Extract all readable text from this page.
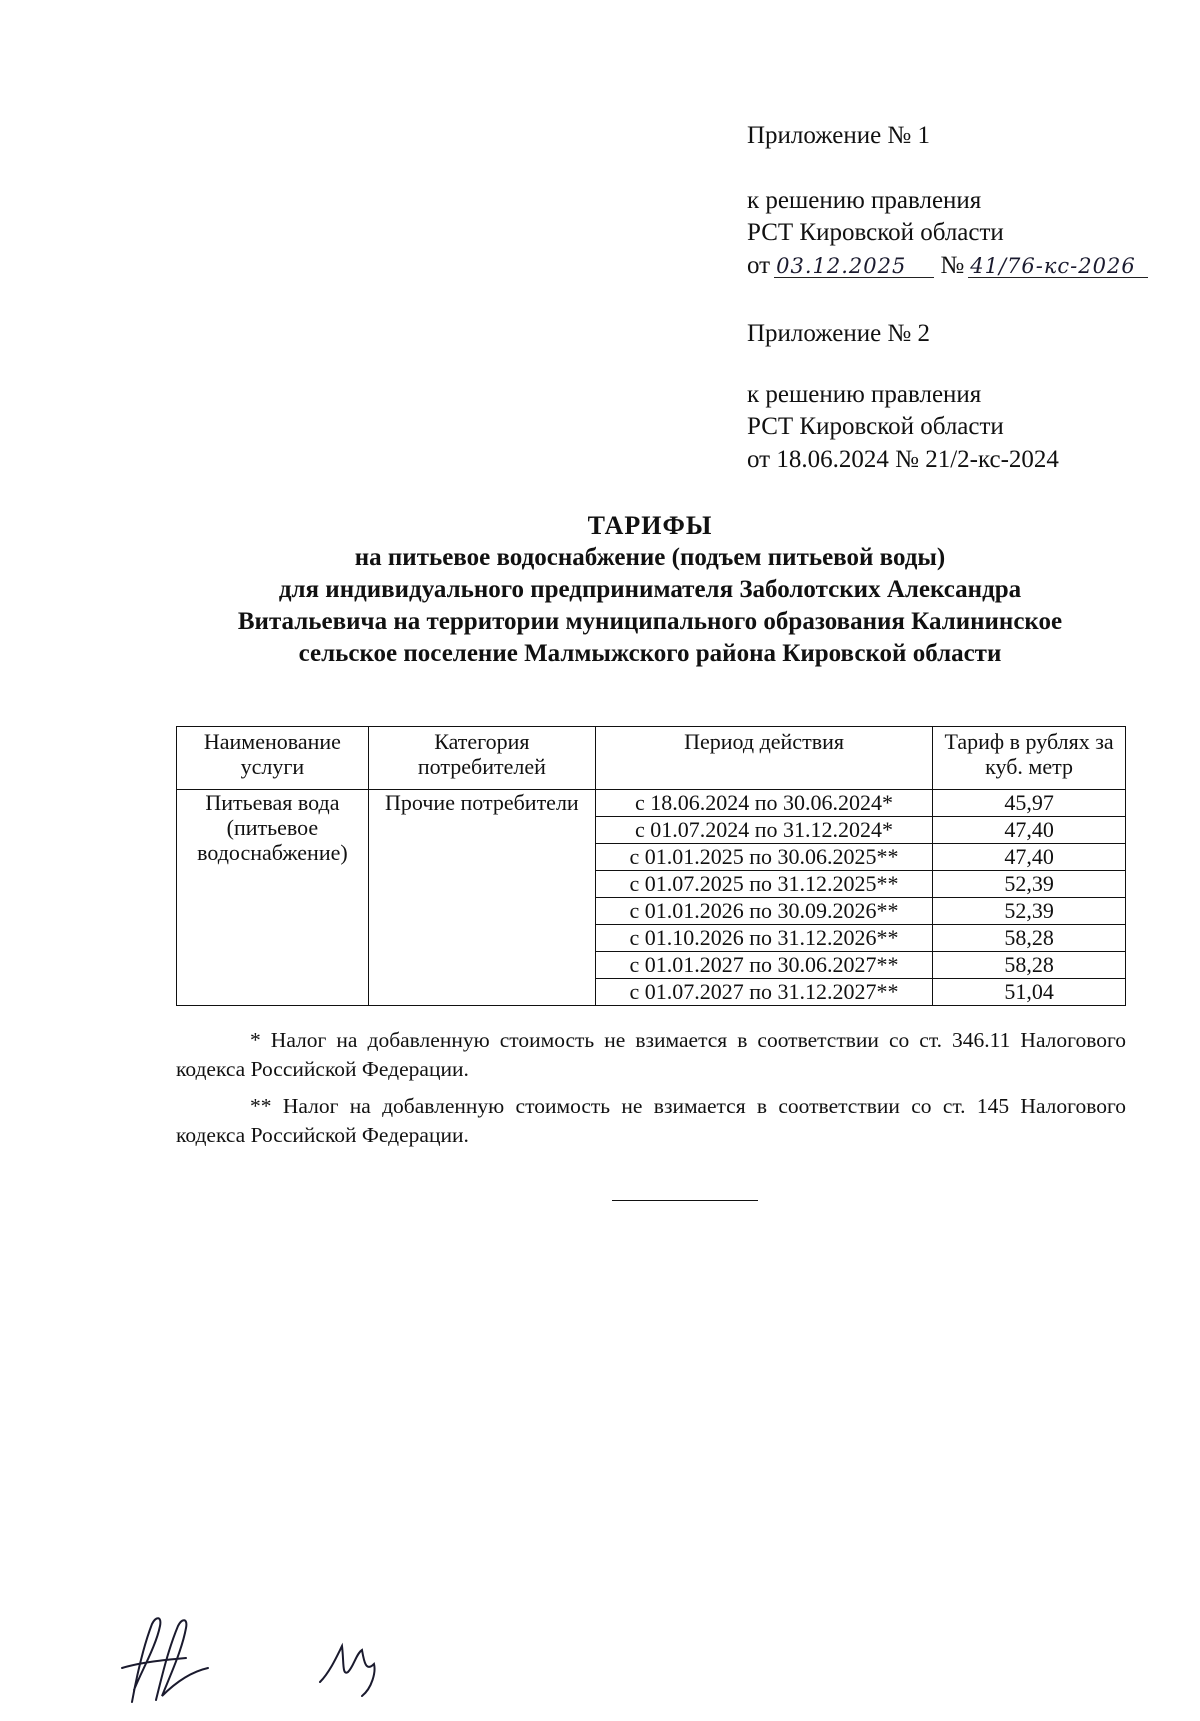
Приложение № 1
к решению правления
РСТ Кировской области
от 03.12.2025 № 41/76-кс-2026
Приложение № 2
к решению правления
РСТ Кировской области
от 18.06.2024 № 21/2-кс-2024
ТАРИФЫ
на питьевое водоснабжение (подъем питьевой воды)
для индивидуального предпринимателя Заболотских Александра
Витальевича на территории муниципального образования Калининское
сельское поселение Малмыжского района Кировской области
Наименование услуги	Категория потребителей	Период действия	Тариф в рублях за куб. метр
Питьевая вода (питьевое водоснабжение)	Прочие потребители	с 18.06.2024 по 30.06.2024*	45,97
		с 01.07.2024 по 31.12.2024*	47,40
		с 01.01.2025 по 30.06.2025**	47,40
		с 01.07.2025 по 31.12.2025**	52,39
		с 01.01.2026 по 30.09.2026**	52,39
		с 01.10.2026 по 31.12.2026**	58,28
		с 01.01.2027 по 30.06.2027**	58,28
		с 01.07.2027 по 31.12.2027**	51,04

* Налог на добавленную стоимость не взимается в соответствии со ст. 346.11 Налогового кодекса Российской Федерации.

** Налог на добавленную стоимость не взимается в соответствии со ст. 145 Налогового кодекса Российской Федерации.
